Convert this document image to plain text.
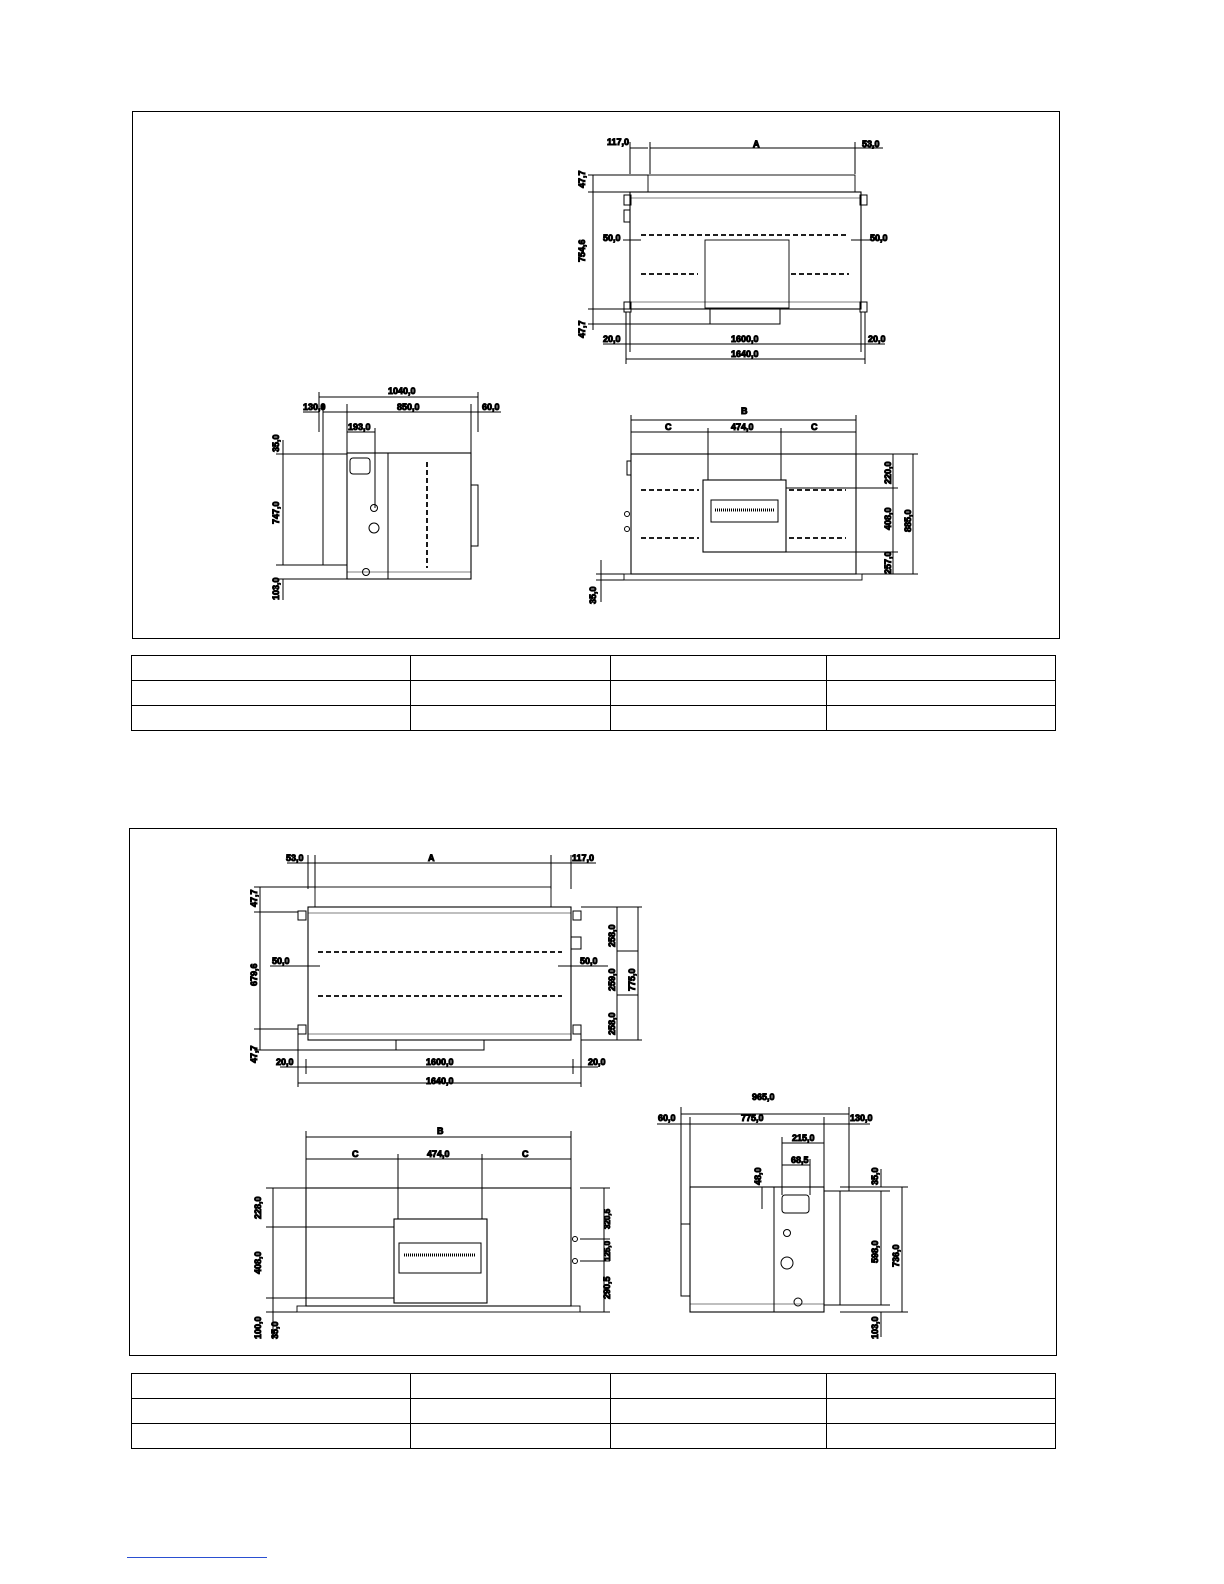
117,0	A	53,0
47,7
754,6
47,7
50,0	50,0
20,0	1600,0	20,0
1640,0
1040,0
130,0	850,0	60,0
193,0
35,0
747,0
103,0
B
C	474,0	C
220,0
408,0
257,0
885,0
35,0

53,0	A	117,0
47,7
679,6
47,7
50,0	50,0
258,0
259,0
258,0
775,0
20,0	1600,0	20,0
1640,0
B
C	474,0	C
228,0
408,0
100,0 35,0
320,5
125,0
290,5
965,0
60,0	775,0	130,0
215,0
68,5
48,0	35,0
598,0 736,0
103,0
